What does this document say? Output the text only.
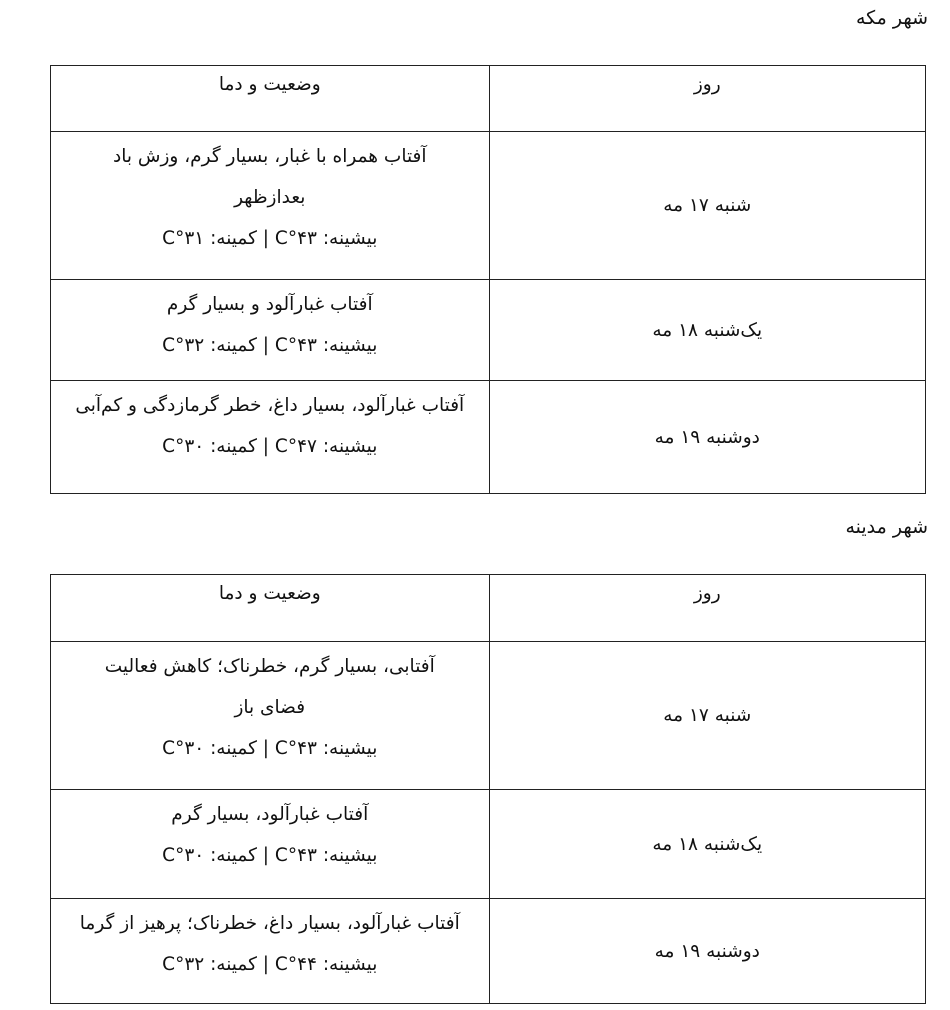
شهر مکه
روز	وضعیت و دما
شنبه ۱۷ مه	آفتاب همراه با غبار، بسیار گرم، وزش باد
بعدازظهر
بیشینه: ۴۳°C | کمینه: ۳۱°C

یک‌شنبه ۱۸ مه	آفتاب غبارآلود و بسیار گرم
بیشینه: ۴۳°C | کمینه: ۳۲°C

دوشنبه ۱۹ مه	آفتاب غبارآلود، بسیار داغ، خطر گرمازدگی و کم‌آبی
بیشینه: ۴۷°C | کمینه: ۳۰°C
شهر مدینه
روز	وضعیت و دما
شنبه ۱۷ مه	آفتابی، بسیار گرم، خطرناک؛ کاهش فعالیت
فضای باز
بیشینه: ۴۳°C | کمینه: ۳۰°C

یک‌شنبه ۱۸ مه	آفتاب غبارآلود، بسیار گرم
بیشینه: ۴۳°C | کمینه: ۳۰°C

دوشنبه ۱۹ مه	آفتاب غبارآلود، بسیار داغ، خطرناک؛ پرهیز از گرما
بیشینه: ۴۴°C | کمینه: ۳۲°C
